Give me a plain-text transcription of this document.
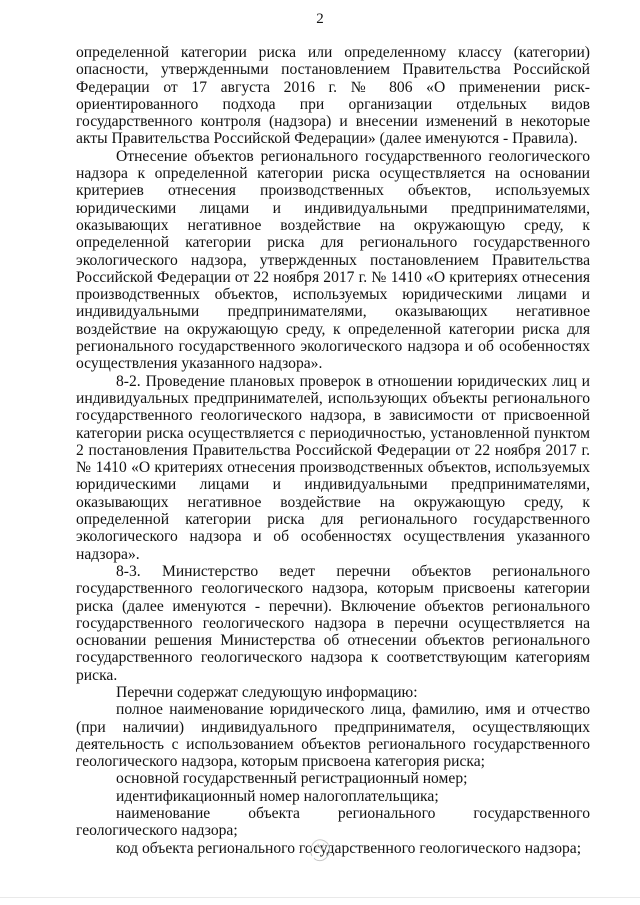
2

определенной категории риска или определенному классу (категории) опасности, утвержденными постановлением Правительства Российской Федерации от 17 августа 2016 г. № 806 «О применении риск-ориентированного подхода при организации отдельных видов государственного контроля (надзора) и внесении изменений в некоторые акты Правительства Российской Федерации» (далее именуются - Правила).

Отнесение объектов регионального государственного геологического надзора к определенной категории риска осуществляется на основании критериев отнесения производственных объектов, используемых юридическими лицами и индивидуальными предпринимателями, оказывающих негативное воздействие на окружающую среду, к определенной категории риска для регионального государственного экологического надзора, утвержденных постановлением Правительства Российской Федерации от 22 ноября 2017 г. № 1410 «О критериях отнесения производственных объектов, используемых юридическими лицами и индивидуальными предпринимателями, оказывающих негативное воздействие на окружающую среду, к определенной категории риска для регионального государственного экологического надзора и об особенностях осуществления указанного надзора».

8-2. Проведение плановых проверок в отношении юридических лиц и индивидуальных предпринимателей, использующих объекты регионального государственного геологического надзора, в зависимости от присвоенной категории риска осуществляется с периодичностью, установленной пунктом 2 постановления Правительства Российской Федерации от 22 ноября 2017 г. № 1410 «О критериях отнесения производственных объектов, используемых юридическими лицами и индивидуальными предпринимателями, оказывающих негативное воздействие на окружающую среду, к определенной категории риска для регионального государственного экологического надзора и об особенностях осуществления указанного надзора».

8-3. Министерство ведет перечни объектов регионального государственного геологического надзора, которым присвоены категории риска (далее именуются - перечни). Включение объектов регионального государственного геологического надзора в перечни осуществляется на основании решения Министерства об отнесении объектов регионального государственного геологического надзора к соответствующим категориям риска.

Перечни содержат следующую информацию:

полное наименование юридического лица, фамилию, имя и отчество (при наличии) индивидуального предпринимателя, осуществляющих деятельность с использованием объектов регионального государственного геологического надзора, которым присвоена категория риска;

основной государственный регистрационный номер;

идентификационный номер налогоплательщика;

наименование объекта регионального государственного геологического надзора;

код объекта регионального государственного геологического надзора;
